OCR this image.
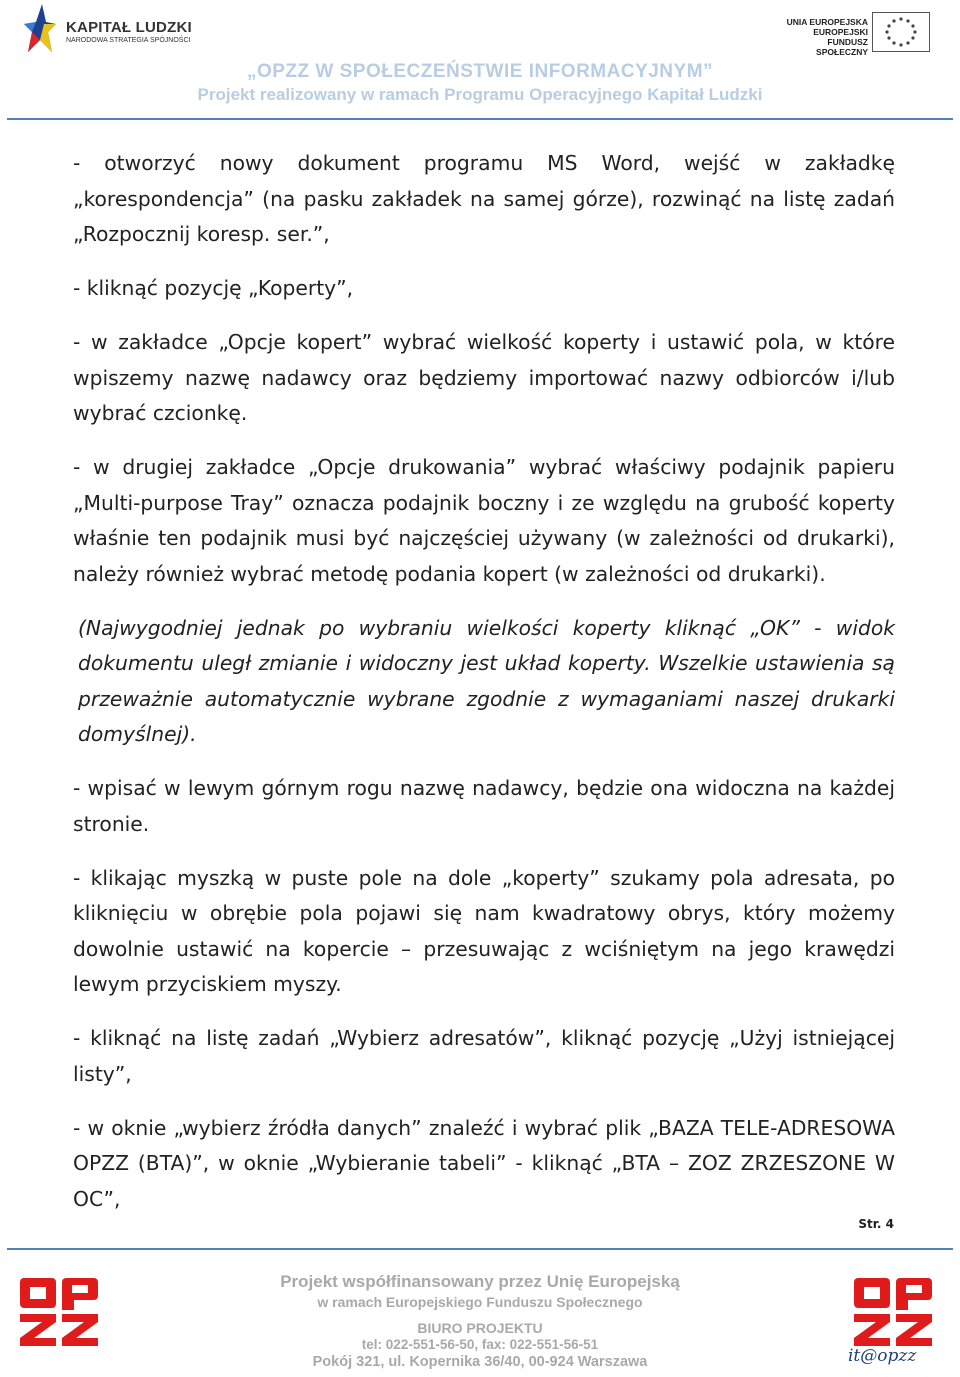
KAPITAŁ LUDZKI
NARODOWA STRATEGIA SPÓJNOŚCI
UNIA EUROPEJSKA
EUROPEJSKI
FUNDUSZ SPOŁECZNY
„OPZZ W SPOŁECZEŃSTWIE INFORMACYJNYM”
Projekt realizowany w ramach Programu Operacyjnego Kapitał Ludzki

- otworzyć nowy dokument programu MS Word, wejść w zakładkę „korespondencja” (na pasku zakładek na samej górze), rozwinąć na listę zadań „Rozpocznij koresp. ser.”,

- kliknąć pozycję „Koperty”,

- w zakładce „Opcje kopert” wybrać wielkość koperty i ustawić pola, w które wpiszemy nazwę nadawcy oraz będziemy importować nazwy odbiorców i/lub wybrać czcionkę.

- w drugiej zakładce „Opcje drukowania” wybrać właściwy podajnik papieru „Multi-purpose Tray” oznacza podajnik boczny i ze względu na grubość koperty właśnie ten podajnik musi być najczęściej używany (w zależności od drukarki), należy również wybrać metodę podania kopert (w zależności od drukarki).

(Najwygodniej jednak po wybraniu wielkości koperty kliknąć „OK” - widok dokumentu uległ zmianie i widoczny jest układ koperty. Wszelkie ustawienia są przeważnie automatycznie wybrane zgodnie z wymaganiami naszej drukarki domyślnej).

- wpisać w lewym górnym rogu nazwę nadawcy, będzie ona widoczna na każdej stronie.

- klikając myszką w puste pole na dole „koperty” szukamy pola adresata, po kliknięciu w obrębie pola pojawi się nam kwadratowy obrys, który możemy dowolnie ustawić na kopercie – przesuwając z wciśniętym na jego krawędzi lewym przyciskiem myszy.

- kliknąć na listę zadań „Wybierz adresatów”, kliknąć pozycję „Użyj istniejącej listy”,

- w oknie „wybierz źródła danych” znaleźć i wybrać plik „BAZA TELE-ADRESOWA OPZZ (BTA)”, w oknie „Wybieranie tabeli” - kliknąć „BTA – ZOZ ZRZESZONE W OC”,

Str. 4
Projekt współfinansowany przez Unię Europejską
w ramach Europejskiego Funduszu Społecznego
BIURO PROJEKTU
tel: 022-551-56-50, fax: 022-551-56-51
Pokój 321, ul. Kopernika 36/40, 00-924 Warszawa	it@opzz
